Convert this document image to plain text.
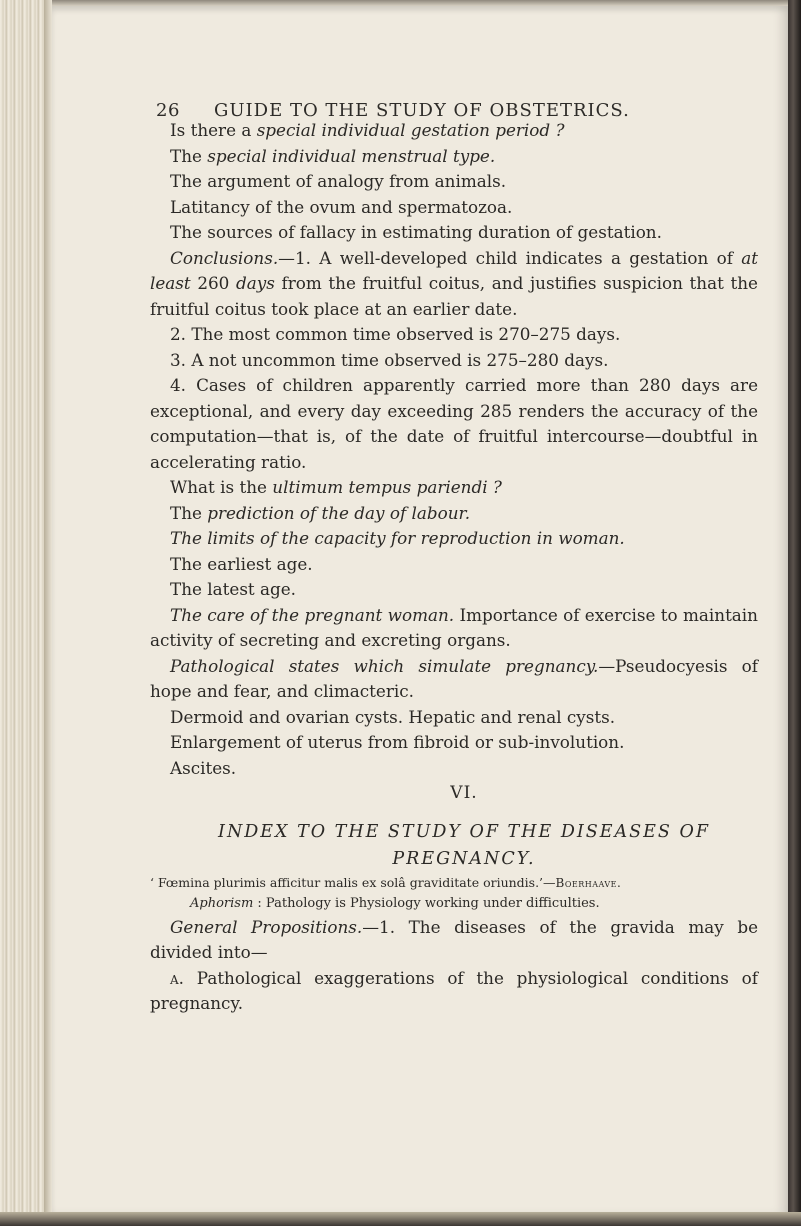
26 GUIDE TO THE STUDY OF OBSTETRICS.

Is there a special individual gestation period ?

The special individual menstrual type.

The argument of analogy from animals.

Latitancy of the ovum and spermatozoa.

The sources of fallacy in estimating duration of gestation.

Conclusions.—1. A well-developed child indicates a gestation of at least 260 days from the fruitful coitus, and justifies suspicion that the fruitful coitus took place at an earlier date.

2. The most common time observed is 270–275 days.

3. A not uncommon time observed is 275–280 days.

4. Cases of children apparently carried more than 280 days are exceptional, and every day exceeding 285 renders the accuracy of the computation—that is, of the date of fruitful intercourse—doubtful in accelerating ratio.

What is the ultimum tempus pariendi ?

The prediction of the day of labour.

The limits of the capacity for reproduction in woman.

The earliest age.

The latest age.

The care of the pregnant woman. Importance of exercise to maintain activity of secreting and excreting organs.

Pathological states which simulate pregnancy.—Pseudocyesis of hope and fear, and climacteric.

Dermoid and ovarian cysts. Hepatic and renal cysts.

Enlargement of uterus from fibroid or sub-involution.

Ascites.

VI.

INDEX TO THE STUDY OF THE DISEASES OF
PREGNANCY.

‘ Fœmina plurimis afficitur malis ex solâ graviditate oriundis.’—Boerhaave.

Aphorism : Pathology is Physiology working under difficulties.

General Propositions.—1. The diseases of the gravida may be divided into—

a. Pathological exaggerations of the physiological conditions of pregnancy.
